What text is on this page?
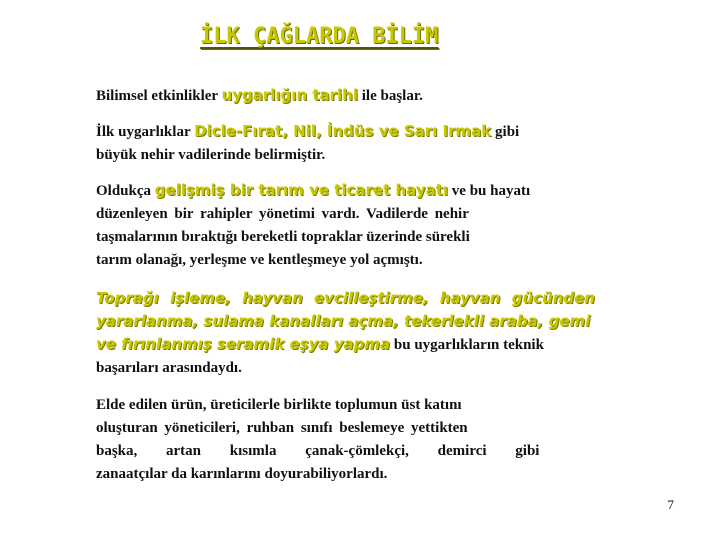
İLK ÇAĞLARDA BİLİM
Bilimsel etkinlikler uygarlığın tarihi ile başlar.
İlk uygarlıklar Dicle-Fırat, Nil, İndüs ve Sarı Irmak gibi
büyük nehir vadilerinde belirmiştir.
Oldukça gelişmiş bir tarım ve ticaret hayatı ve bu hayatı
düzenleyen bir rahipler yönetimi vardı. Vadilerde nehir
taşmalarının bıraktığı bereketli topraklar üzerinde sürekli
tarım olanağı, yerleşme ve kentleşmeye yol açmıştı.
Toprağı işleme, hayvan evcilleştirme, hayvan gücünden
yararlanma, sulama kanalları açma, tekerlekli araba, gemi
ve fırınlanmış seramik eşya yapma bu uygarlıkların teknik
başarıları arasındaydı.
Elde edilen ürün, üreticilerle birlikte toplumun üst katını
oluşturan yöneticileri, ruhban sınıfı beslemeye yettikten
başka, artan kısımla çanak-çömlekçi, demirci gibi
zanaatçılar da karınlarını doyurabiliyorlardı.
7
